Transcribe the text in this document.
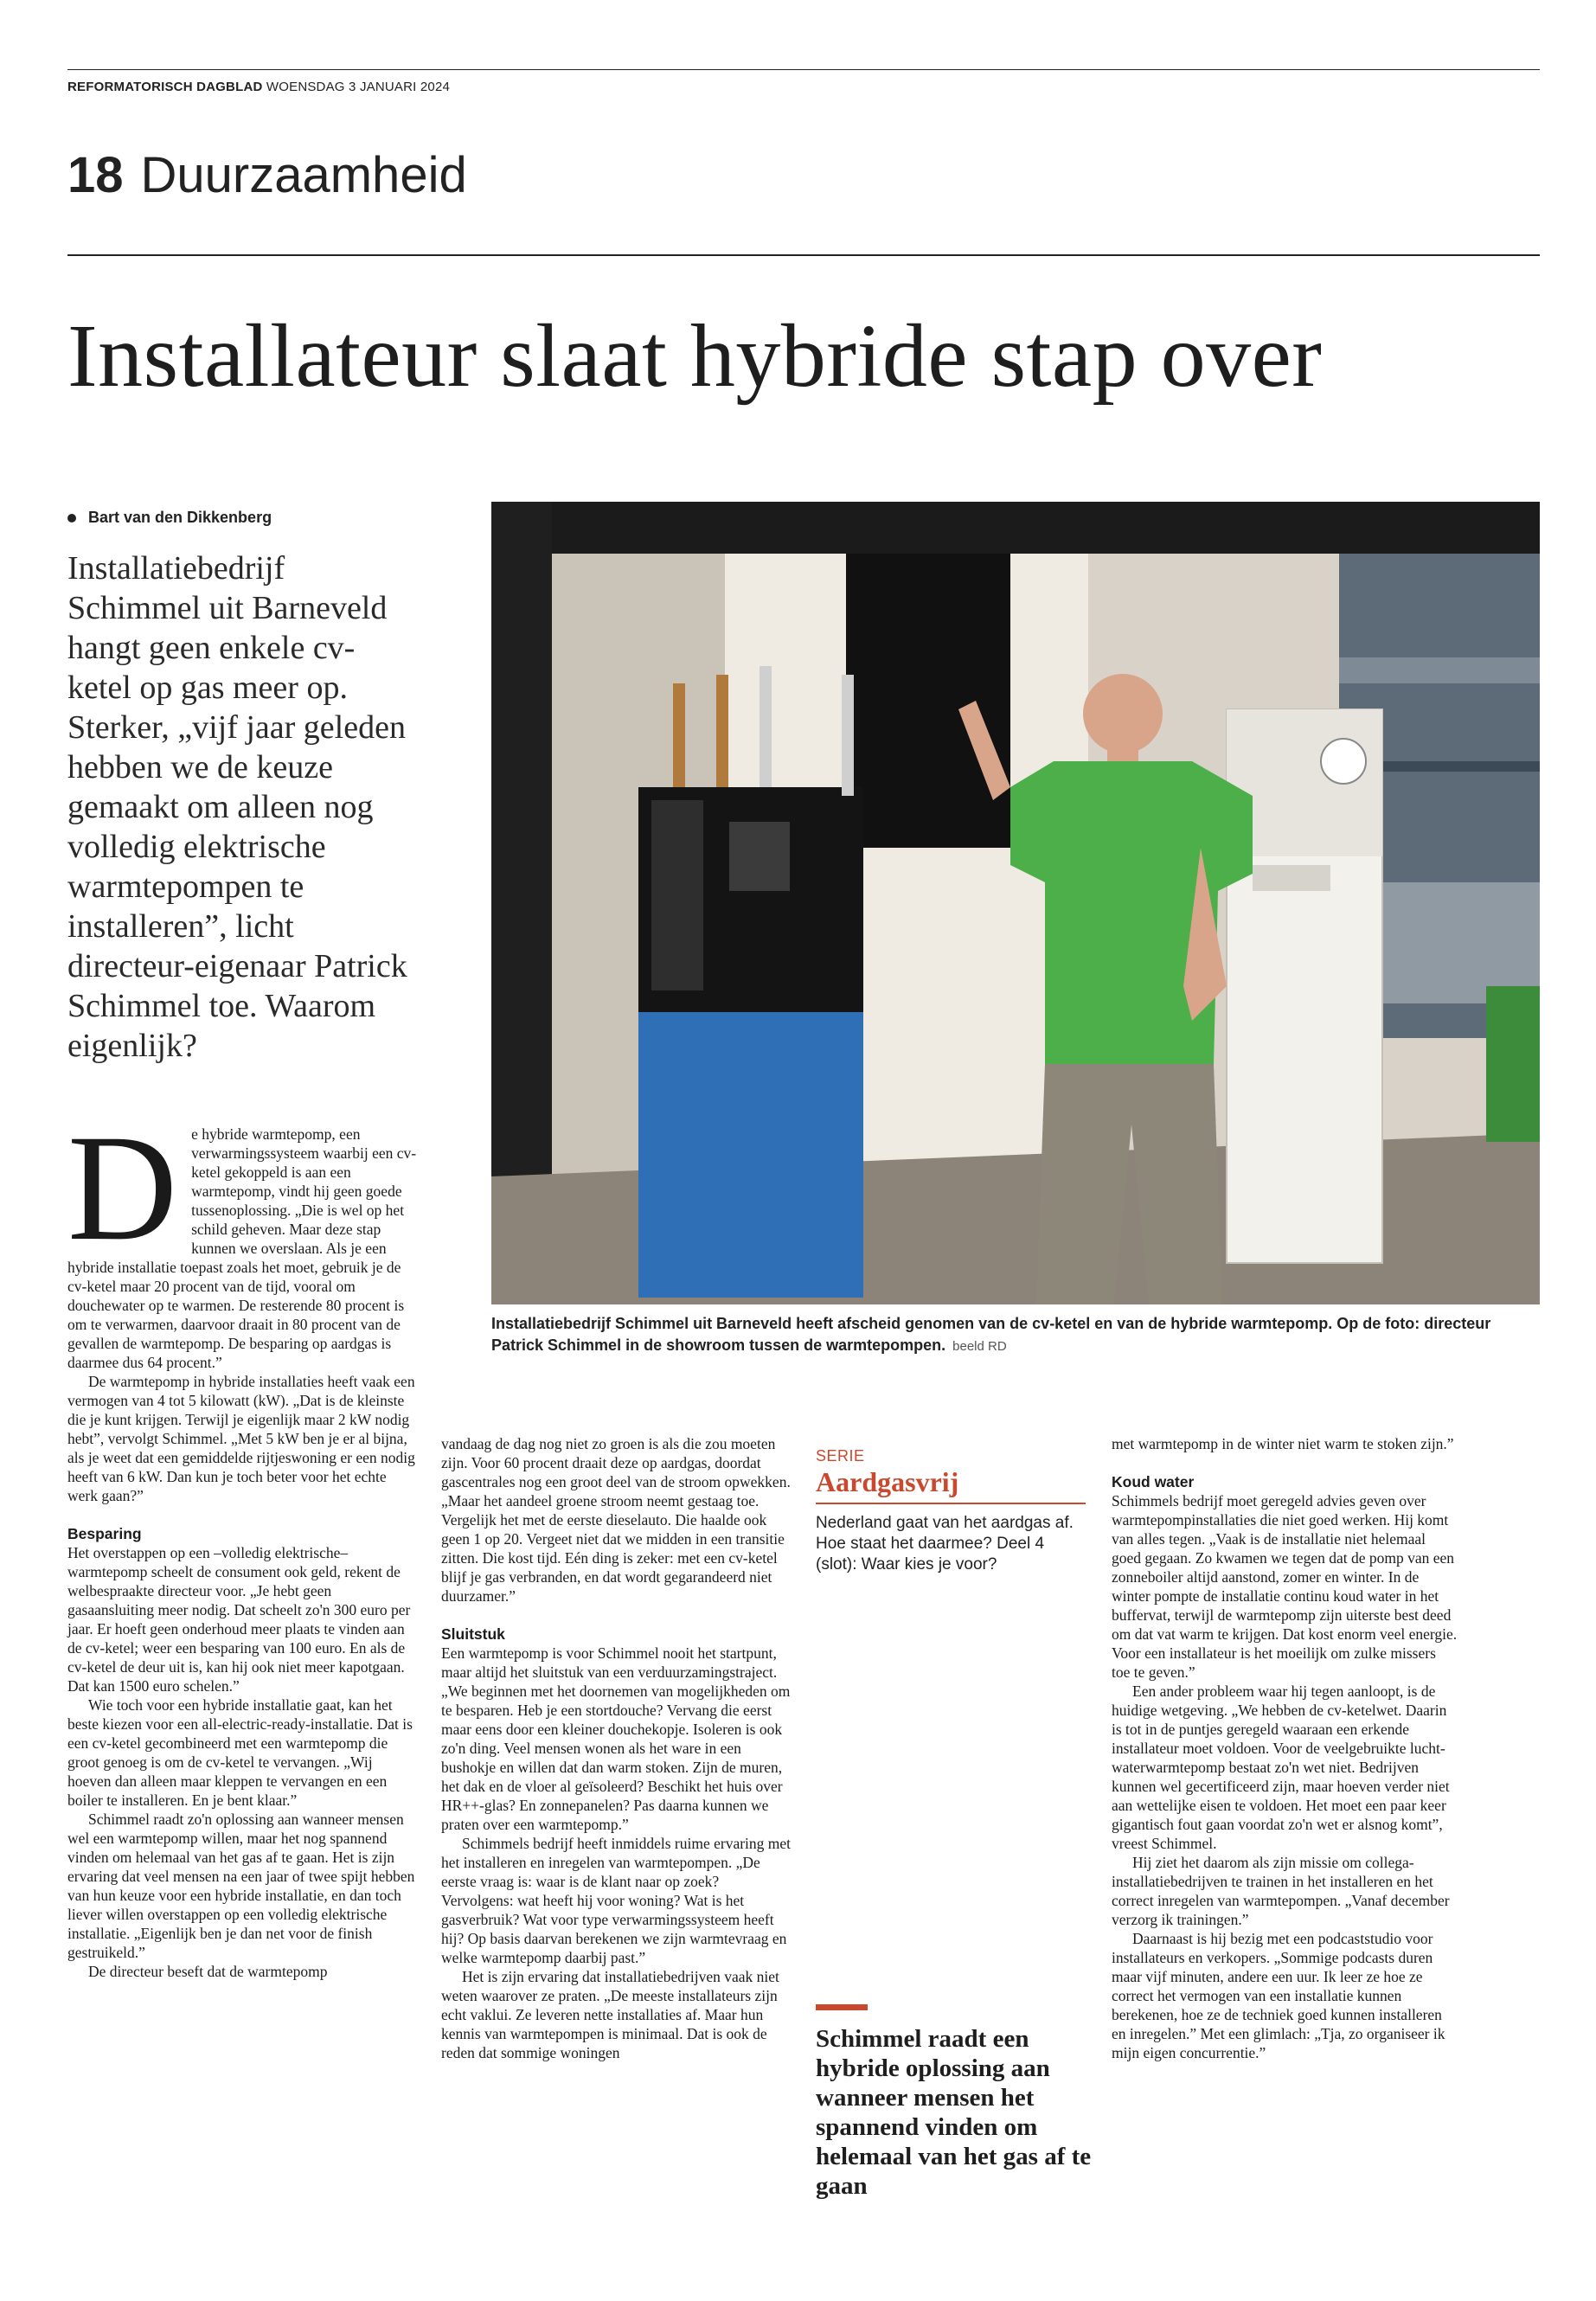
REFORMATORISCH DAGBLAD WOENSDAG 3 JANUARI 2024
18 Duurzaamheid
Installateur slaat hybride stap over
Bart van den Dikkenberg
Installatiebedrijf Schimmel uit Barneveld hangt geen enkele cv-ketel op gas meer op. Sterker, „vijf jaar geleden hebben we de keuze gemaakt om alleen nog volledig elektrische warmtepompen te installeren”, licht directeur-eigenaar Patrick Schimmel toe. Waarom eigenlijk?
D e hybride warmtepomp, een verwarmingssysteem waarbij een cv-ketel gekoppeld is aan een warmtepomp, vindt hij geen goede tussenoplossing. „Die is wel op het schild geheven. Maar deze stap kunnen we overslaan. Als je een hybride installatie toepast zoals het moet, gebruik je de cv-ketel maar 20 procent van de tijd, vooral om douchewater op te warmen. De resterende 80 procent is om te verwarmen, daarvoor draait in 80 procent van de gevallen de warmtepomp. De besparing op aardgas is daarmee dus 64 procent.”

De warmtepomp in hybride installaties heeft vaak een vermogen van 4 tot 5 kilowatt (kW). „Dat is de kleinste die je kunt krijgen. Terwijl je eigenlijk maar 2 kW nodig hebt”, vervolgt Schimmel. „Met 5 kW ben je er al bijna, als je weet dat een gemiddelde rijtjeswoning er een nodig heeft van 6 kW. Dan kun je toch beter voor het echte werk gaan?”

Besparing

Het overstappen op een –volledig elektrische– warmtepomp scheelt de consument ook geld, rekent de welbespraakte directeur voor. „Je hebt geen gasaansluiting meer nodig. Dat scheelt zo'n 300 euro per jaar. Er hoeft geen onderhoud meer plaats te vinden aan de cv-ketel; weer een besparing van 100 euro. En als de cv-ketel de deur uit is, kan hij ook niet meer kapotgaan. Dat kan 1500 euro schelen.”

Wie toch voor een hybride installatie gaat, kan het beste kiezen voor een all-electric-ready-installatie. Dat is een cv-ketel gecombineerd met een warmtepomp die groot genoeg is om de cv-ketel te vervangen. „Wij hoeven dan alleen maar kleppen te vervangen en een boiler te installeren. En je bent klaar.”

Schimmel raadt zo'n oplossing aan wanneer mensen wel een warmtepomp willen, maar het nog spannend vinden om helemaal van het gas af te gaan. Het is zijn ervaring dat veel mensen na een jaar of twee spijt hebben van hun keuze voor een hybride installatie, en dan toch liever willen overstappen op een volledig elektrische installatie. „Eigenlijk ben je dan net voor de finish gestruikeld.”

De directeur beseft dat de warmtepomp

Installatiebedrijf Schimmel uit Barneveld heeft afscheid genomen van de cv-ketel en van de hybride warmtepomp. Op de foto: directeur Patrick Schimmel in de showroom tussen de warmtepompen. beeld RD

vandaag de dag nog niet zo groen is als die zou moeten zijn. Voor 60 procent draait deze op aardgas, doordat gascentrales nog een groot deel van de stroom opwekken. „Maar het aandeel groene stroom neemt gestaag toe. Vergelijk het met de eerste dieselauto. Die haalde ook geen 1 op 20. Vergeet niet dat we midden in een transitie zitten. Die kost tijd. Eén ding is zeker: met een cv-ketel blijf je gas verbranden, en dat wordt gegarandeerd niet duurzamer.”

Sluitstuk

Een warmtepomp is voor Schimmel nooit het startpunt, maar altijd het sluitstuk van een verduurzamingstraject. „We beginnen met het doornemen van mogelijkheden om te besparen. Heb je een stortdouche? Vervang die eerst maar eens door een kleiner douchekopje. Isoleren is ook zo'n ding. Veel mensen wonen als het ware in een bushokje en willen dat dan warm stoken. Zijn de muren, het dak en de vloer al geïsoleerd? Beschikt het huis over HR++-glas? En zonnepanelen? Pas daarna kunnen we praten over een warmtepomp.”

Schimmels bedrijf heeft inmiddels ruime ervaring met het installeren en inregelen van warmtepompen. „De eerste vraag is: waar is de klant naar op zoek? Vervolgens: wat heeft hij voor woning? Wat is het gasverbruik? Wat voor type verwarmingssysteem heeft hij? Op basis daarvan berekenen we zijn warmtevraag en welke warmtepomp daarbij past.”

Het is zijn ervaring dat installatiebedrijven vaak niet weten waarover ze praten. „De meeste installateurs zijn echt vaklui. Ze leveren nette installaties af. Maar hun kennis van warmtepompen is minimaal. Dat is ook de reden dat sommige woningen

SERIE
Aardgasvrij
Nederland gaat van het aardgas af. Hoe staat het daarmee? Deel 4 (slot): Waar kies je voor?
Schimmel raadt een hybride oplossing aan wanneer mensen het spannend vinden om helemaal van het gas af te gaan

met warmtepomp in de winter niet warm te stoken zijn.”

Koud water

Schimmels bedrijf moet geregeld advies geven over warmtepompinstallaties die niet goed werken. Hij komt van alles tegen. „Vaak is de installatie niet helemaal goed gegaan. Zo kwamen we tegen dat de pomp van een zonneboiler altijd aanstond, zomer en winter. In de winter pompte de installatie continu koud water in het buffervat, terwijl de warmtepomp zijn uiterste best deed om dat vat warm te krijgen. Dat kost enorm veel energie. Voor een installateur is het moeilijk om zulke missers toe te geven.”

Een ander probleem waar hij tegen aanloopt, is de huidige wetgeving. „We hebben de cv-ketelwet. Daarin is tot in de puntjes geregeld waaraan een erkende installateur moet voldoen. Voor de veelgebruikte lucht-waterwarmtepomp bestaat zo'n wet niet. Bedrijven kunnen wel gecertificeerd zijn, maar hoeven verder niet aan wettelijke eisen te voldoen. Het moet een paar keer gigantisch fout gaan voordat zo'n wet er alsnog komt”, vreest Schimmel.

Hij ziet het daarom als zijn missie om collega-installatiebedrijven te trainen in het installeren en het correct inregelen van warmtepompen. „Vanaf december verzorg ik trainingen.”

Daarnaast is hij bezig met een podcaststudio voor installateurs en verkopers. „Sommige podcasts duren maar vijf minuten, andere een uur. Ik leer ze hoe ze correct het vermogen van een installatie kunnen berekenen, hoe ze de techniek goed kunnen installeren en inregelen.” Met een glimlach: „Tja, zo organiseer ik mijn eigen concurrentie.”
